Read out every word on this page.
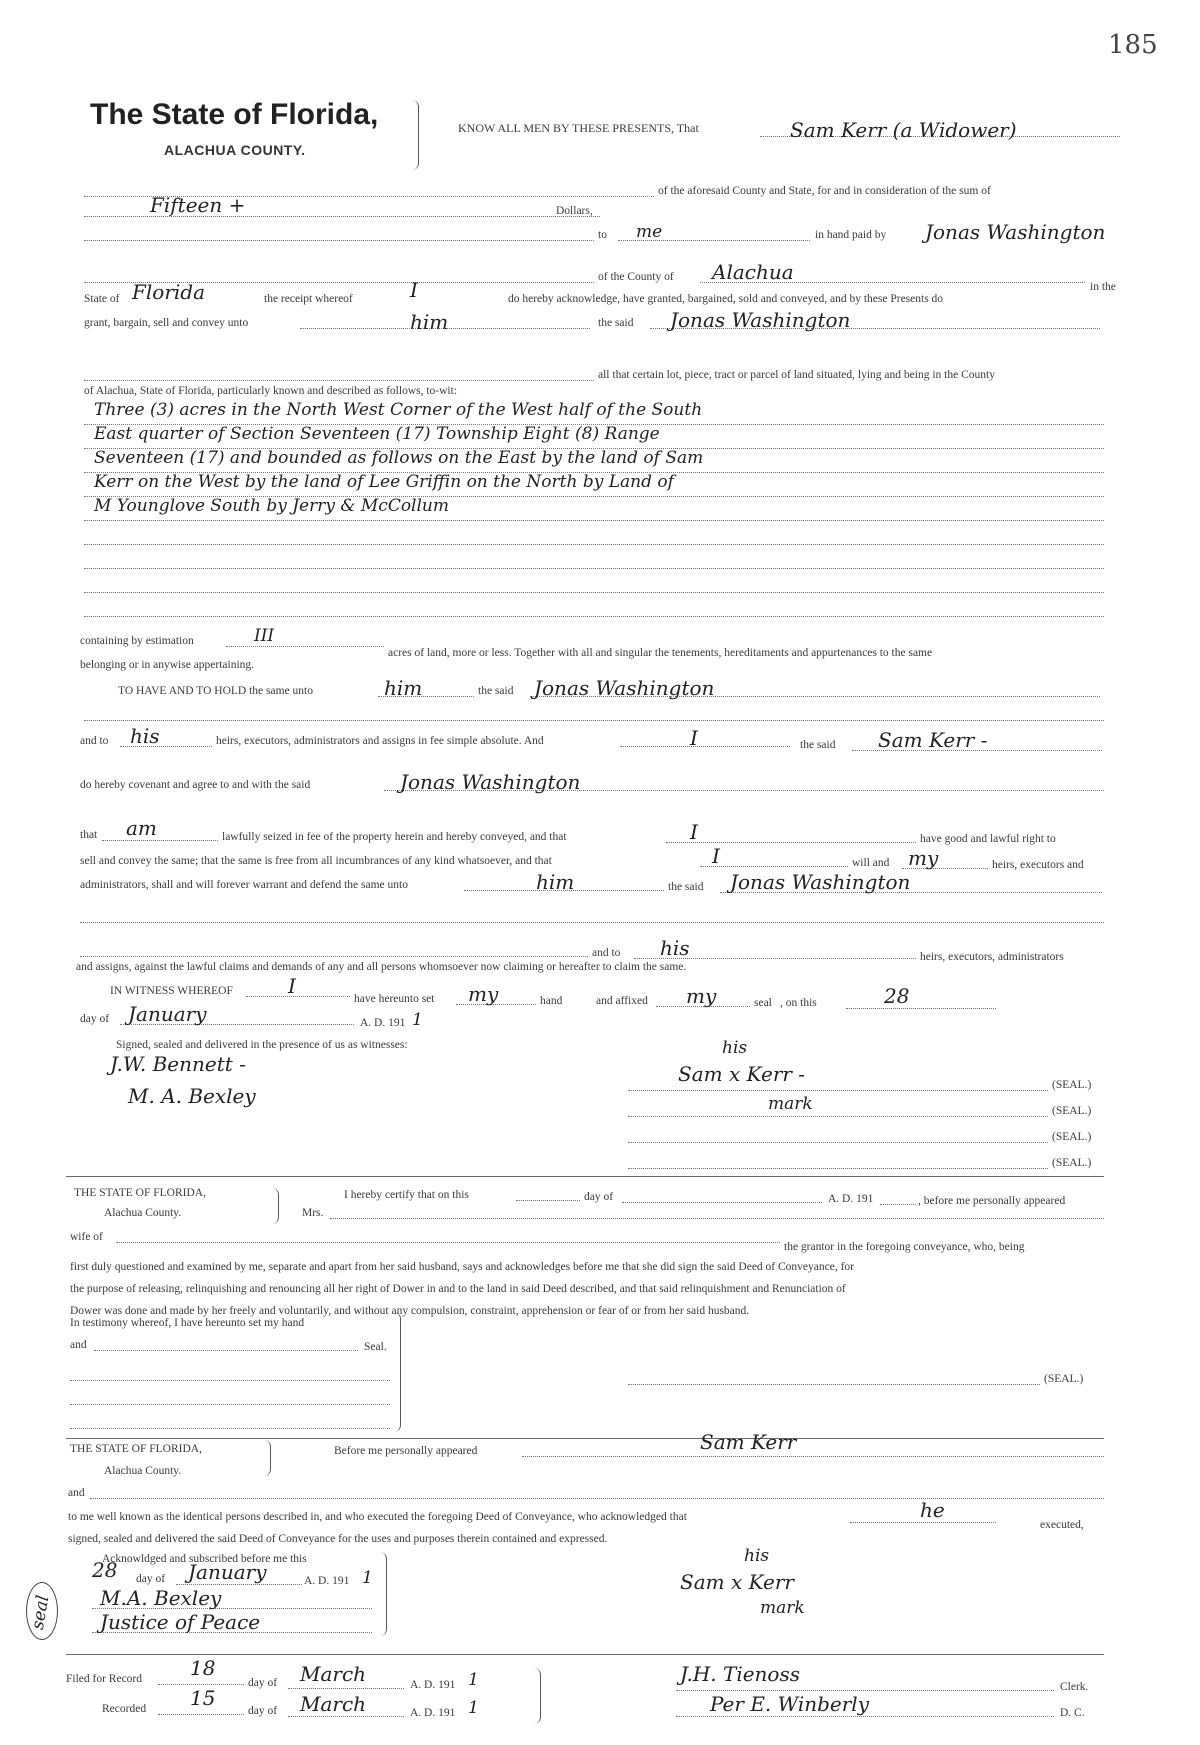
185
The State of Florida,
ALACHUA COUNTY.
KNOW ALL MEN BY THESE PRESENTS, That	Sam Kerr (a Widower)
of the aforesaid County and State, for and in consideration of the sum of
Fifteen +	Dollars,
to me	in hand paid by Jonas Washington
of the County of Alachua
in the
State of Florida	the receipt whereof	I	do hereby acknowledge, have granted, bargained, sold and conveyed, and by these Presents do
grant, bargain, sell and convey unto	him	the said Jonas Washington
all that certain lot, piece, tract or parcel of land situated, lying and being in the County
of Alachua, State of Florida, particularly known and described as follows, to-wit:
Three (3) acres in the North West Corner of the West half of the South
East quarter of Section Seventeen (17) Township Eight (8) Range
Seventeen (17) and bounded as follows on the East by the land of Sam
Kerr on the West by the land of Lee Griffin on the North by Land of
M Younglove South by Jerry & McCollum
containing by estimation	III
acres of land, more or less. Together with all and singular the tenements, hereditaments and appurtenances to the same
belonging or in anywise appertaining.
TO HAVE AND TO HOLD the same unto	him	the said Jonas Washington
and to his	heirs, executors, administrators and assigns in fee simple absolute. And	I	the said Sam Kerr -
do hereby covenant and agree to and with the said	Jonas Washington
that am	lawfully seized in fee of the property herein and hereby conveyed, and that	I	have good and lawful right to
sell and convey the same; that the same is free from all incumbrances of any kind whatsoever, and that	I	will and my	heirs, executors and
administrators, shall and will forever warrant and defend the same unto	him	the said Jonas Washington
and to his	heirs, executors, administrators
and assigns, against the lawful claims and demands of any and all persons whomsoever now claiming or hereafter to claim the same.
IN WITNESS WHEREOF	I
have hereunto set my	hand	and affixed my	seal , on this	28
day of January	A. D. 191 1
Signed, sealed and delivered in the presence of us as witnesses:
J.W. Bennett -
M. A. Bexley
his
Sam x Kerr -
mark
(SEAL.)
(SEAL.)
(SEAL.)
(SEAL.)
THE STATE OF FLORIDA,
Alachua County.
I hereby certify that on this	day of	A. D. 191	, before me personally appeared
Mrs.
wife of
the grantor in the foregoing conveyance, who, being
first duly questioned and examined by me, separate and apart from her said husband, says and acknowledges before me that she did sign the said Deed of Conveyance, for
the purpose of releasing, relinquishing and renouncing all her right of Dower in and to the land in said Deed described, and that said relinquishment and Renunciation of
Dower was done and made by her freely and voluntarily, and without any compulsion, constraint, apprehension or fear of or from her said husband.
In testimony whereof, I have hereunto set my hand
and	Seal.
(SEAL.)
THE STATE OF FLORIDA,
Alachua County.
Before me personally appeared	Sam Kerr
and
to me well known as the identical persons described in, and who executed the foregoing Deed of Conveyance, who acknowledged that	he
executed,
signed, sealed and delivered the said Deed of Conveyance for the uses and purposes therein contained and expressed.
Acknowldged and subscribed before me this
28 day of January	A. D. 191 1
M.A. Bexley
Justice of Peace
seal
his
Sam x Kerr
mark
Filed for Record 18
day of March	A. D. 191 1
Recorded 15
day of March	A. D. 191 1
J.H. Tienoss
Clerk.
Per E. Winberly	D. C.
